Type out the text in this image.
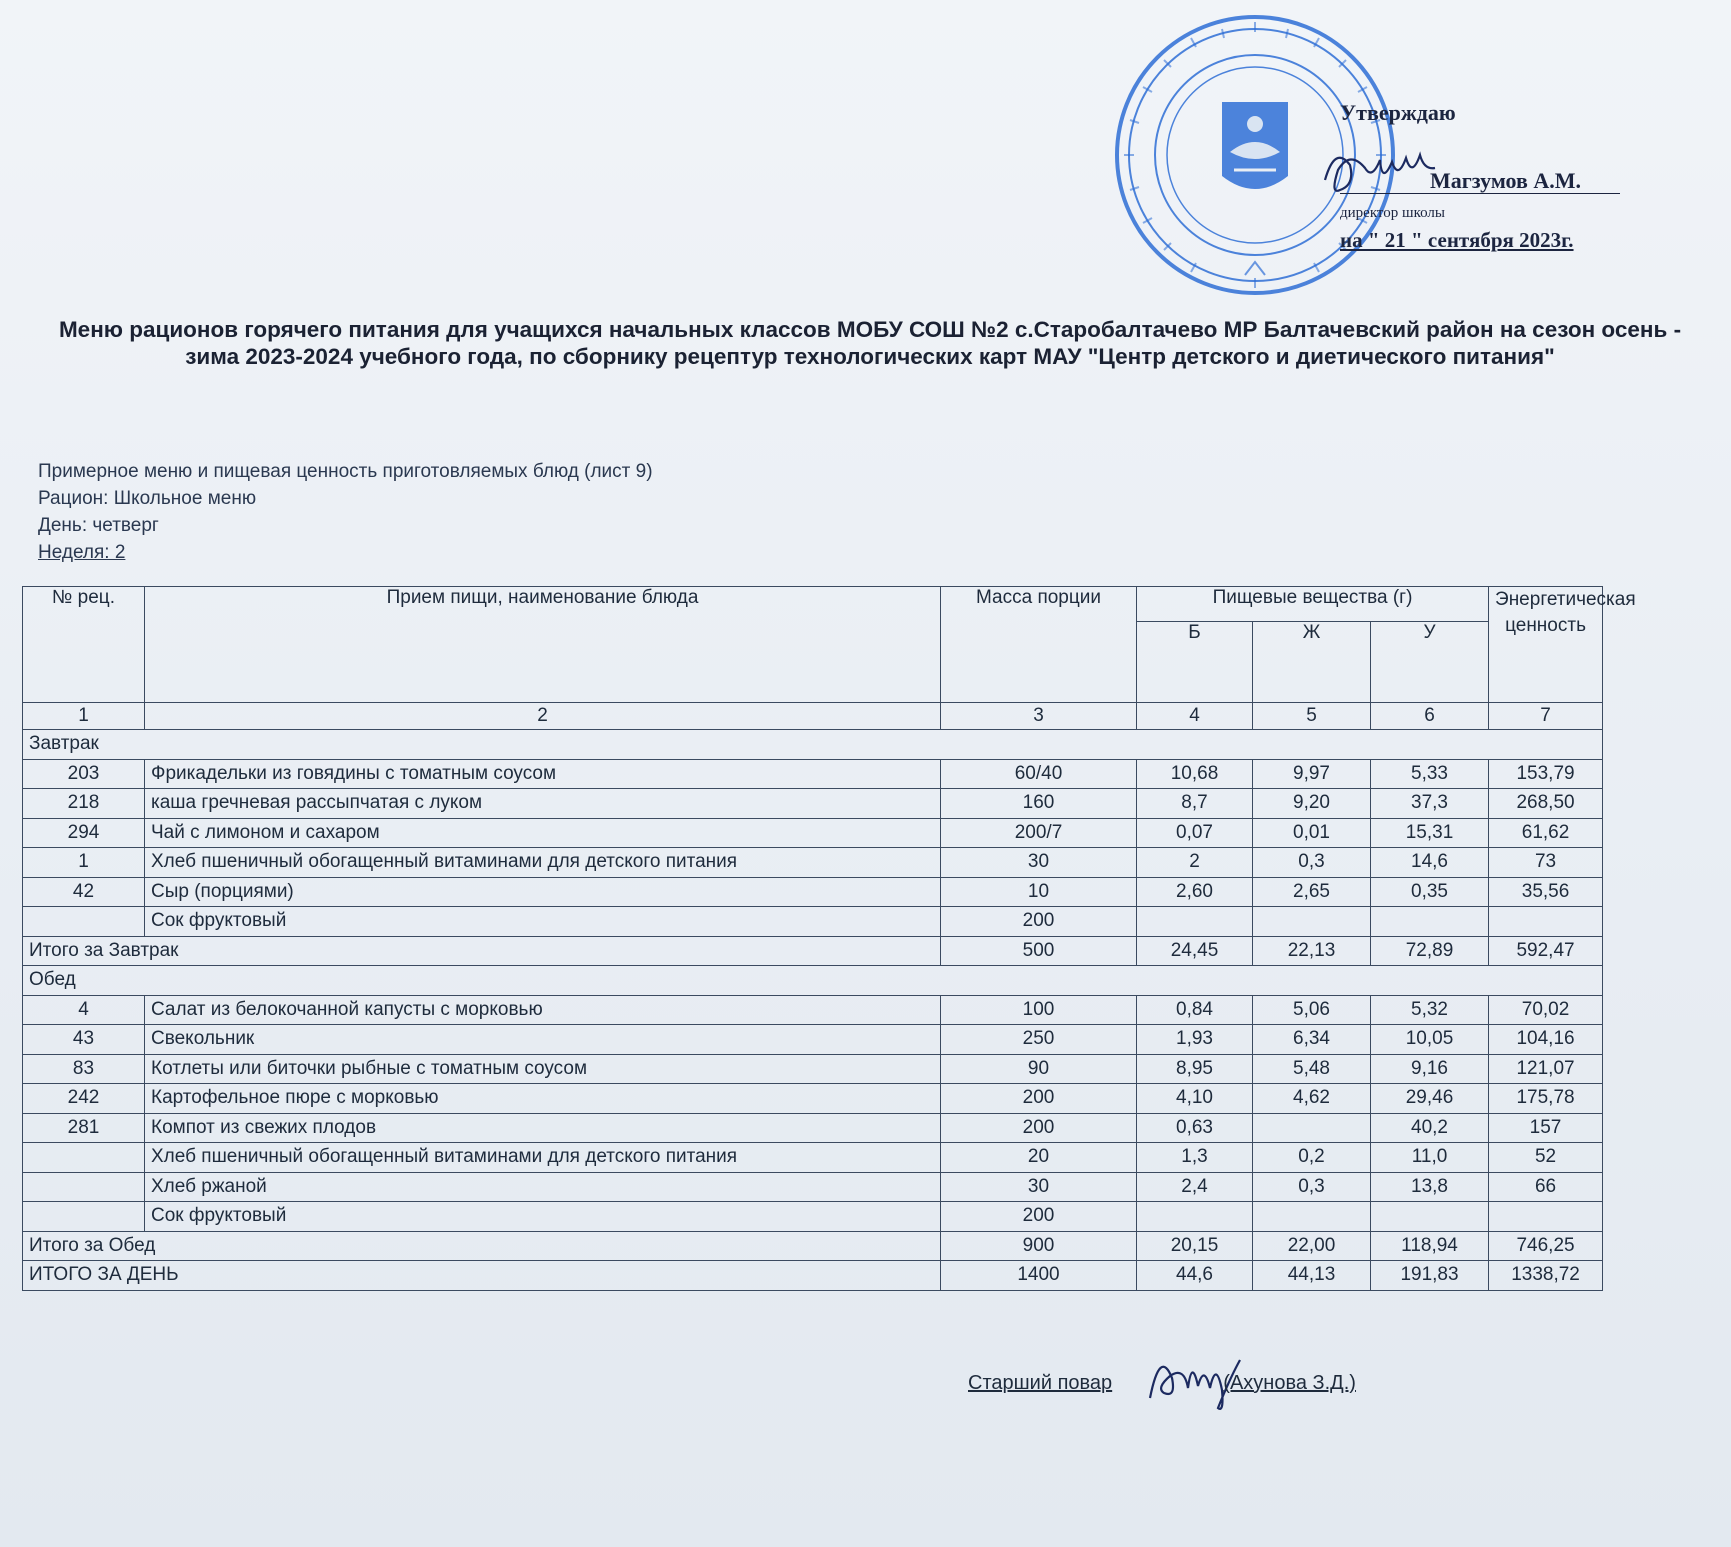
Утверждаю
Магзумов А.М.
директор школы
на " 21 " сентября 2023г.
Меню рационов горячего питания для учащихся начальных классов МОБУ СОШ №2 с.Старобалтачево МР Балтачевский район на сезон осень - зима 2023-2024 учебного года, по сборнику рецептур технологических карт МАУ "Центр детского и диетического питания"
Примерное меню и пищевая ценность приготовляемых блюд (лист 9)
Рацион: Школьное меню
День: четверг
Неделя: 2
№ рец.	Прием пищи, наименование блюда	Масса порции	Пищевые вещества (г)			Энергетическая ценность
			Б	Ж	У	
1	2	3	4	5	6	7
Завтрак						
203	Фрикадельки из говядины с томатным соусом	60/40	10,68	9,97	5,33	153,79
218	каша гречневая рассыпчатая с луком	160	8,7	9,20	37,3	268,50
294	Чай с лимоном и сахаром	200/7	0,07	0,01	15,31	61,62
1	Хлеб пшеничный обогащенный витаминами для детского питания	30	2	0,3	14,6	73
42	Сыр (порциями)	10	2,60	2,65	0,35	35,56
	Сок фруктовый	200				
Итого за Завтрак		500	24,45	22,13	72,89	592,47
Обед						
4	Салат из белокочанной капусты с морковью	100	0,84	5,06	5,32	70,02
43	Свекольник	250	1,93	6,34	10,05	104,16
83	Котлеты или биточки рыбные с томатным соусом	90	8,95	5,48	9,16	121,07
242	Картофельное пюре с морковью	200	4,10	4,62	29,46	175,78
281	Компот из свежих плодов	200	0,63		40,2	157
	Хлеб пшеничный обогащенный витаминами для детского питания	20	1,3	0,2	11,0	52
	Хлеб ржаной	30	2,4	0,3	13,8	66
	Сок фруктовый	200				
Итого за Обед		900	20,15	22,00	118,94	746,25
ИТОГО ЗА ДЕНЬ		1400	44,6	44,13	191,83	1338,72
Старший повар	(Ахунова З.Д.)
